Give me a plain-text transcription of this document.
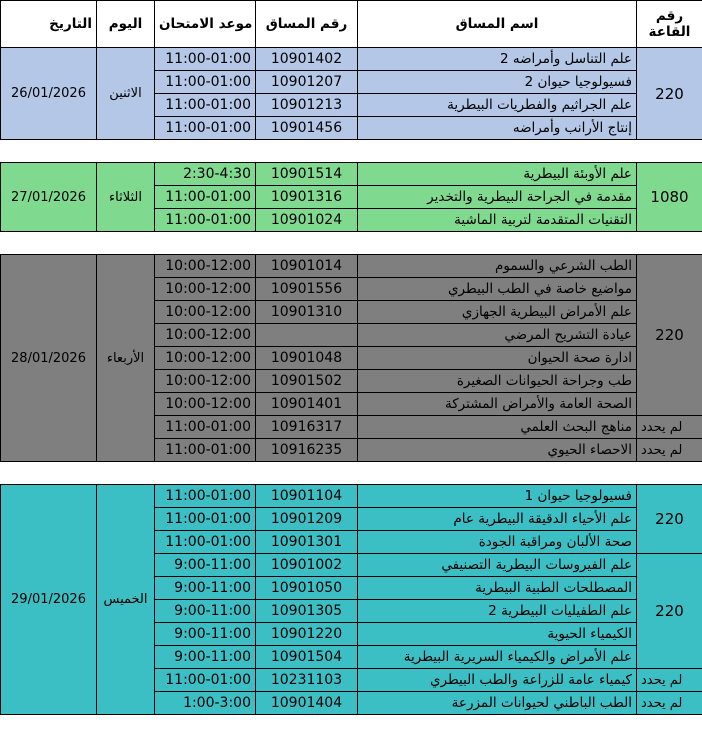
التاريخ	اليوم	موعد الامتحان	رقم المساق	اسم المساق	رقم
القاعة
26/01/2026	الاثنين	11:00-01:00	10901402	علم التناسل وأمراضه 2	220
		11:00-01:00	10901207	فسيولوجيا حيوان 2	
		11:00-01:00	10901213	علم الجراثيم والفطريات البيطرية	
		11:00-01:00	10901456	إنتاج الأرانب وأمراضه	

27/01/2026	الثلاثاء	2:30-4:30	10901514	علم الأوبئة البيطرية	1080
		11:00-01:00	10901316	مقدمة في الجراحة البيطرية والتخدير	
		11:00-01:00	10901024	التقنيات المتقدمة لتربية الماشية	

28/01/2026	الأربعاء	10:00-12:00	10901014	الطب الشرعي والسموم	220
		10:00-12:00	10901556	مواضيع خاصة في الطب البيطري	
		10:00-12:00	10901310	علم الأمراض البيطرية الجهازي	
		10:00-12:00		عيادة التشريح المرضي	
		10:00-12:00	10901048	ادارة صحة الحيوان	
		10:00-12:00	10901502	طب وجراحة الحيوانات الصغيرة	
		10:00-12:00	10901401	الصحة العامة والأمراض المشتركة	
		11:00-01:00	10916317	مناهج البحث العلمي	لم يحدد
		11:00-01:00	10916235	الاحصاء الحيوي	لم يحدد

29/01/2026	الخميس	11:00-01:00	10901104	فسيولوجيا حيوان 1	220
		11:00-01:00	10901209	علم الأحياء الدقيقة البيطرية عام	
		11:00-01:00	10901301	صحة الألبان ومراقبة الجودة	
		9:00-11:00	10901002	علم الفيروسات البيطرية التصنيفي	220
		9:00-11:00	10901050	المصطلحات الطبية البيطرية	
		9:00-11:00	10901305	علم الطفيليات البيطرية 2	
		9:00-11:00	10901220	الكيمياء الحيوية	
		9:00-11:00	10901504	علم الأمراض والكيمياء السريرية البيطرية	
		11:00-01:00	10231103	كيمياء عامة للزراعة والطب البيطري	لم يحدد
		1:00-3:00	10901404	الطب الباطني لحيوانات المزرعة	لم يحدد
